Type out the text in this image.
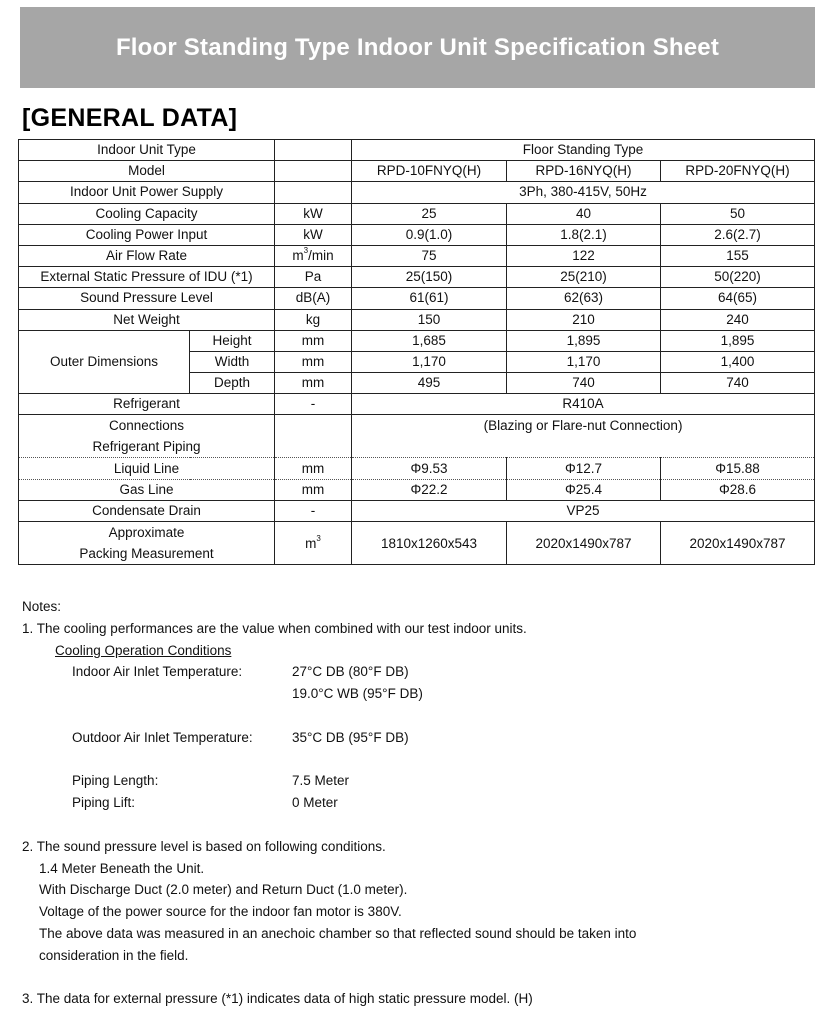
Floor Standing Type Indoor Unit Specification Sheet
[GENERAL DATA]
Indoor Unit Type			Floor Standing Type		
Model			RPD-10FNYQ(H)	RPD-16NYQ(H)	RPD-20FNYQ(H)
Indoor Unit Power Supply			3Ph, 380-415V, 50Hz		
Cooling Capacity		kW	25	40	50
Cooling Power Input		kW	0.9(1.0)	1.8(2.1)	2.6(2.7)
Air Flow Rate		$m^3/\min$	75	122	155
External Static Pressure of IDU (*1)		Pa	25(150)	25(210)	50(220)
Sound Pressure Level		dB(A)	61(61)	62(63)	64(65)
Net Weight		kg	150	210	240
Outer Dimensions	Height	mm	1,685	1,895	1,895
	Width	mm	1,170	1,170	1,400
	Depth	mm	495	740	740
Refrigerant		-	R410A		

Connections
Refrigerant Piping			(Blazing or Flare-nut Connection)		
Liquid Line		mm	Φ9.53	Φ12.7	Φ15.88
Gas Line		mm	Φ22.2	Φ25.4	Φ28.6
Condensate Drain		-	VP25		

Approximate
Packing Measurement		$m^3$	1810x1260x543	2020x1490x787	2020x1490x787
Notes:
1. The cooling performances are the value when combined with our test indoor units.
Cooling Operation Conditions
Indoor Air Inlet Temperature:	27°C DB (80°F DB)
19.0°C WB (95°F DB)
Outdoor Air Inlet Temperature:	35°C DB (95°F DB)
Piping Length:	7.5 Meter
Piping Lift:	0 Meter
2. The sound pressure level is based on following conditions.
1.4 Meter Beneath the Unit.
With Discharge Duct (2.0 meter) and Return Duct (1.0 meter).
Voltage of the power source for the indoor fan motor is 380V.
The above data was measured in an anechoic chamber so that reflected sound should be taken into
consideration in the field.
3. The data for external pressure (*1) indicates data of high static pressure model. (H)
